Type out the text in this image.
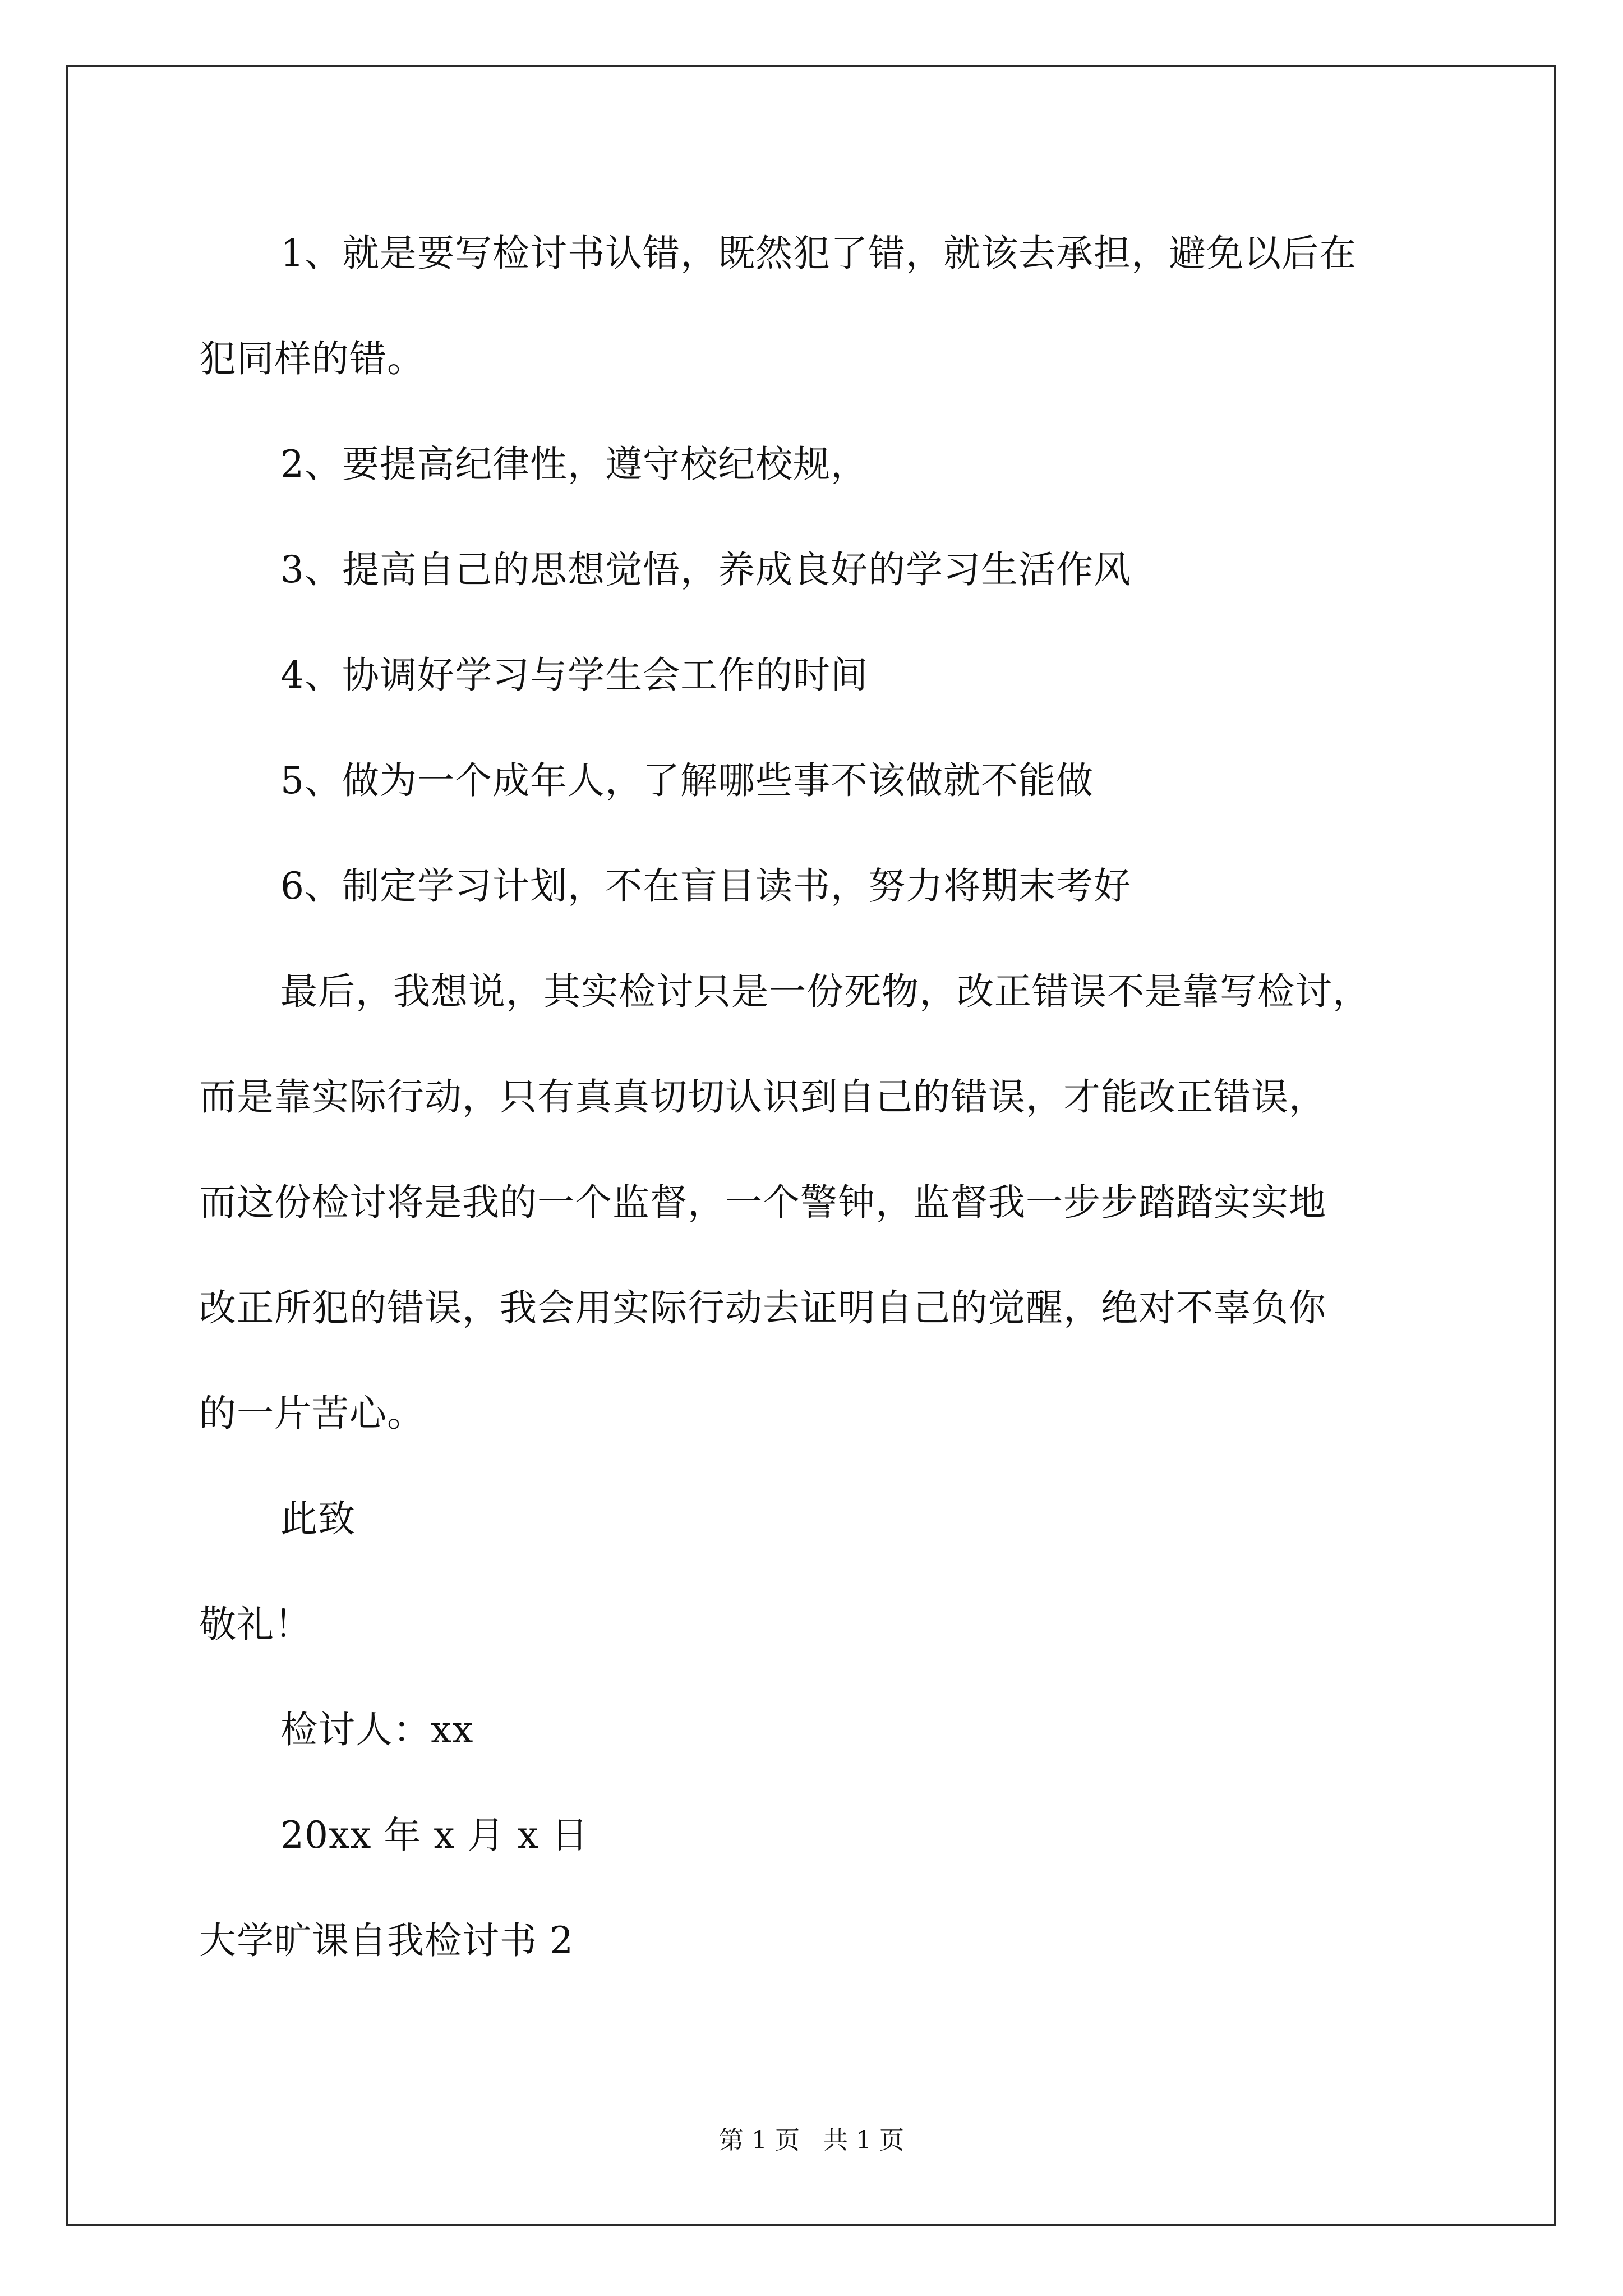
1、就是要写检讨书认错，既然犯了错，就该去承担，避免以后在
犯同样的错。
2、要提高纪律性，遵守校纪校规，
3、提高自己的思想觉悟，养成良好的学习生活作风
4、协调好学习与学生会工作的时间
5、做为一个成年人，了解哪些事不该做就不能做
6、制定学习计划，不在盲目读书，努力将期末考好
最后，我想说，其实检讨只是一份死物，改正错误不是靠写检讨，
而是靠实际行动，只有真真切切认识到自己的错误，才能改正错误，
而这份检讨将是我的一个监督，一个警钟，监督我一步步踏踏实实地
改正所犯的错误，我会用实际行动去证明自己的觉醒，绝对不辜负你
的一片苦心。
此致
敬礼！
检讨人：xx
20xx 年 x 月 x 日
大学旷课自我检讨书 2
第 1 页   共 1 页
